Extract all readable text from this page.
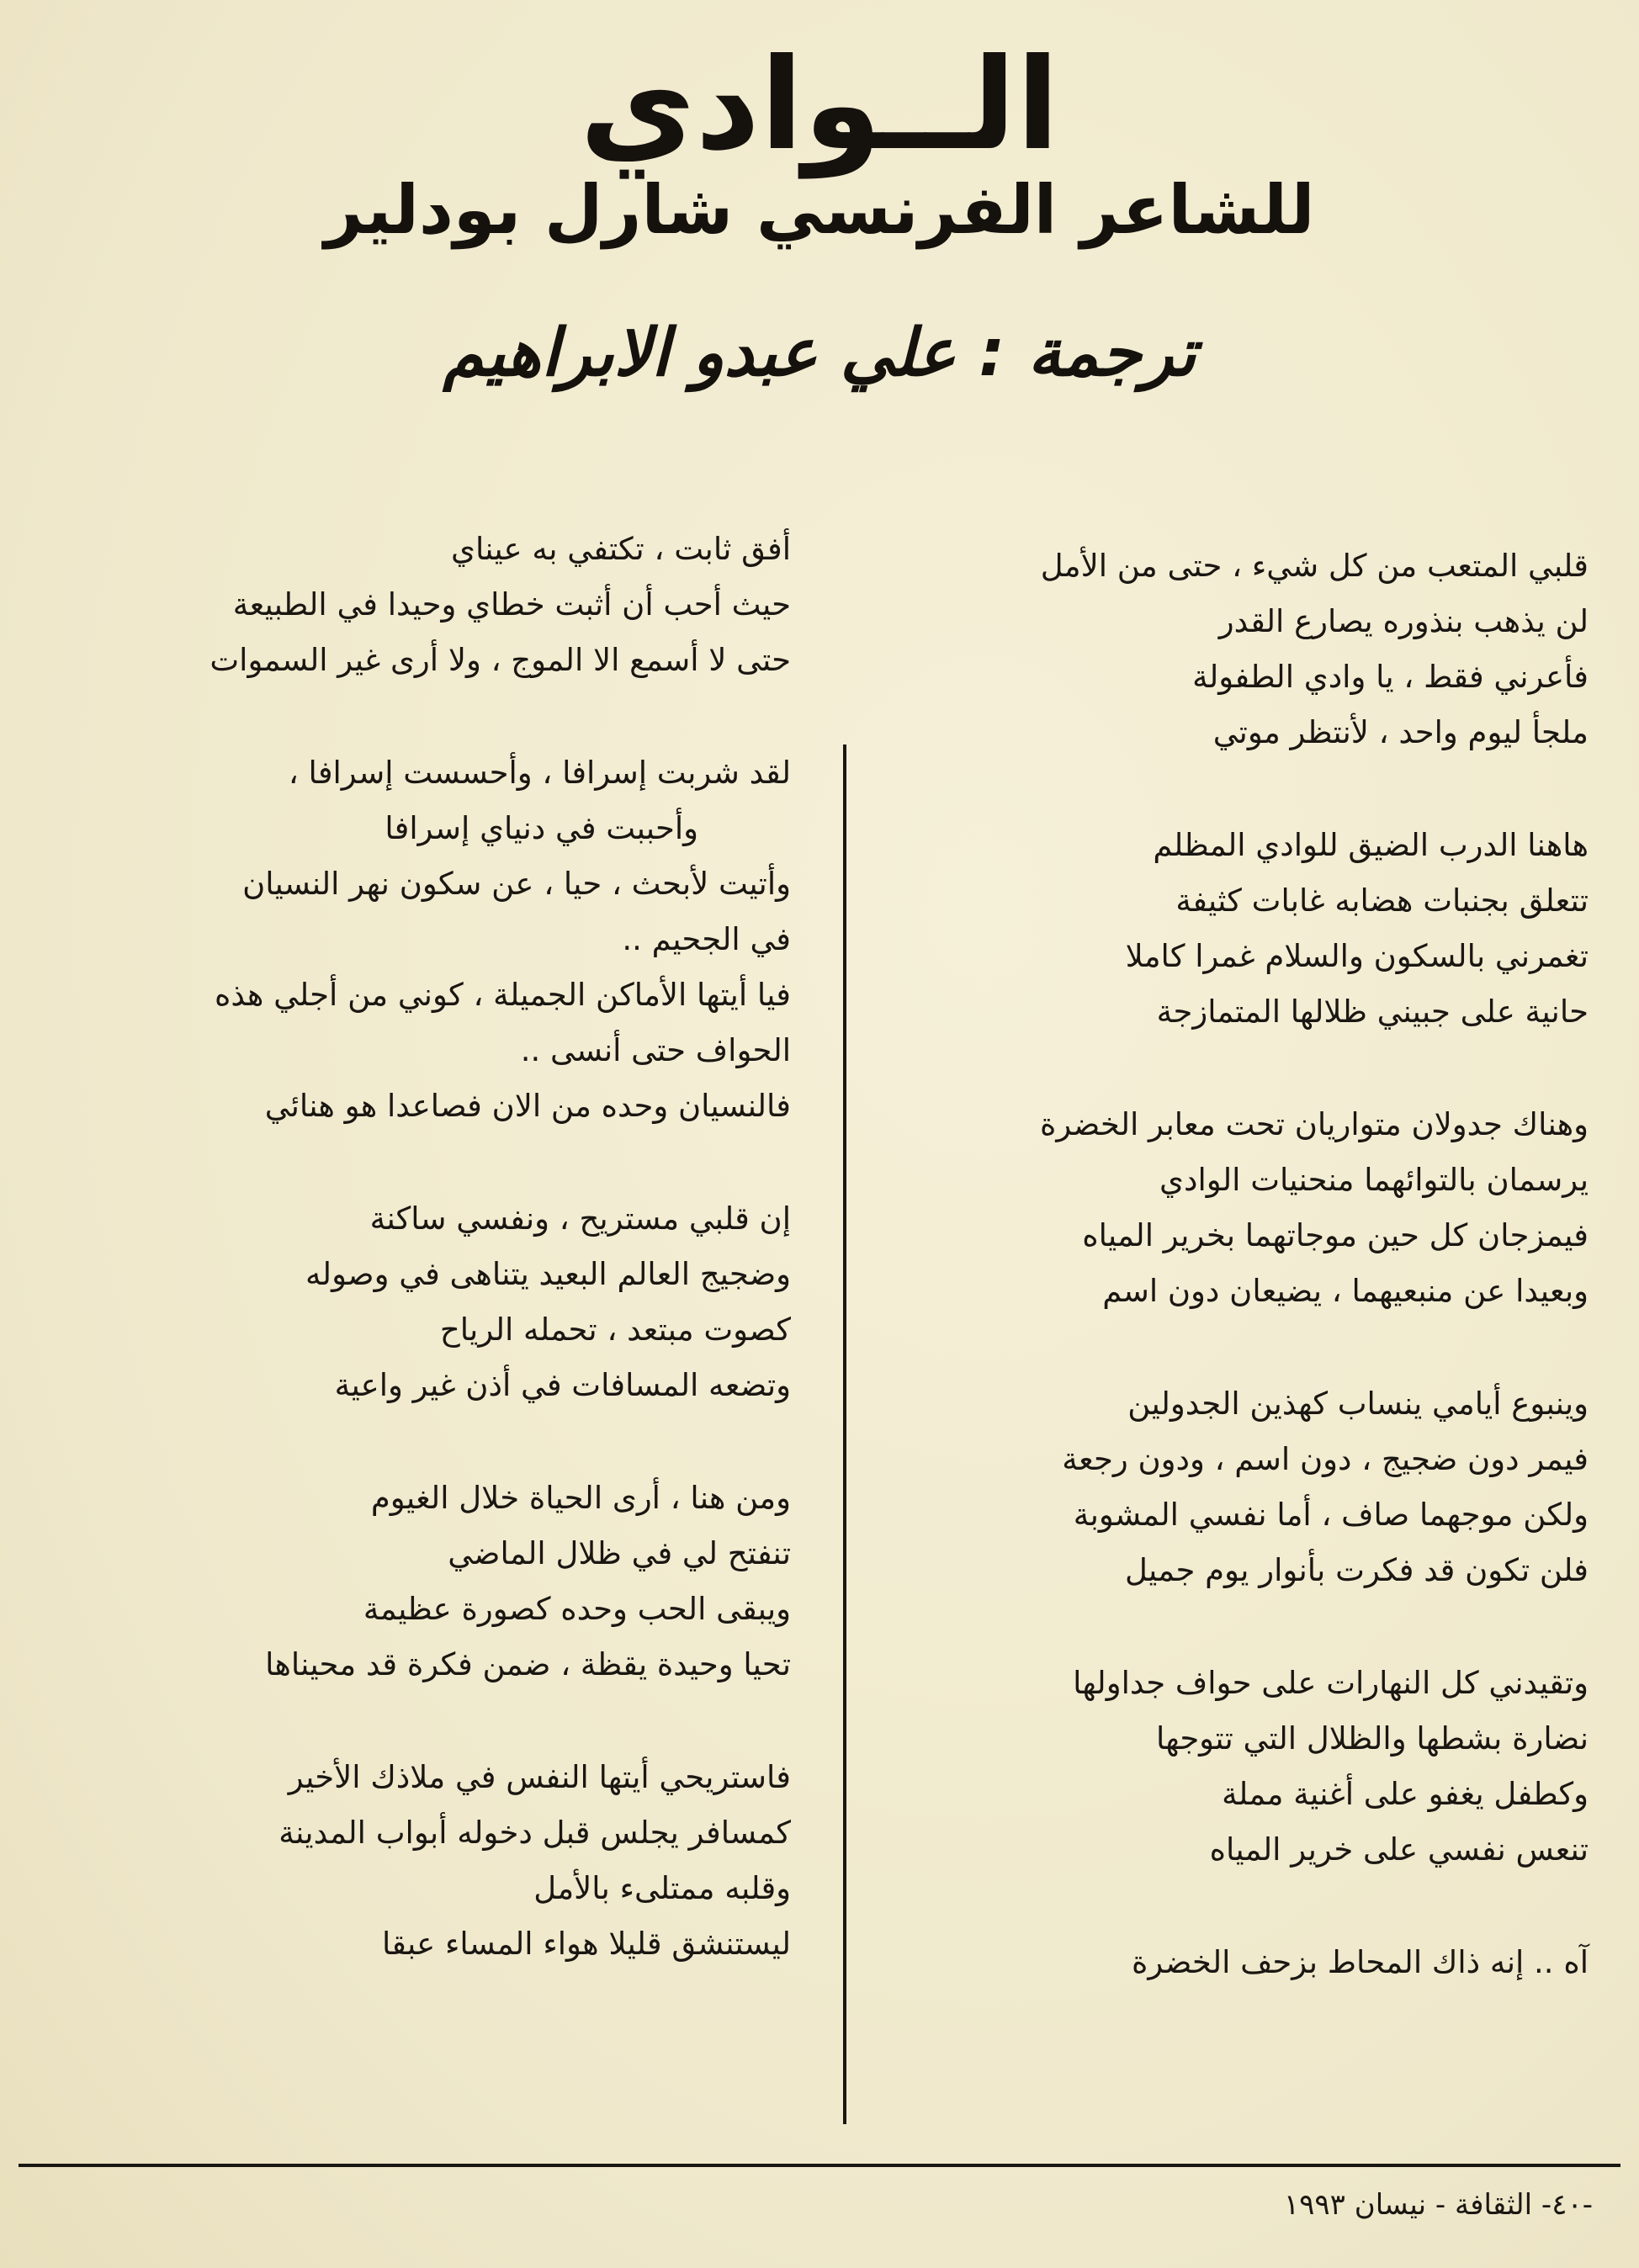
الــوادي
للشاعر الفرنسي شارل بودلير
ترجمة : علي عبدو الابراهيم
قلبي المتعب من كل شيء ، حتى من الأمل
لن يذهب بنذوره يصارع القدر
فأعرني فقط ، يا وادي الطفولة
ملجأ ليوم واحد ، لأنتظر موتي
هاهنا الدرب الضيق للوادي المظلم
تتعلق بجنبات هضابه غابات كثيفة
تغمرني بالسكون والسلام غمرا كاملا
حانية على جبيني ظلالها المتمازجة
وهناك جدولان متواريان تحت معابر الخضرة
يرسمان بالتوائهما منحنيات الوادي
فيمزجان كل حين موجاتهما بخرير المياه
وبعيدا عن منبعيهما ، يضيعان دون اسم
وينبوع أيامي ينساب كهذين الجدولين
فيمر دون ضجيج ، دون اسم ، ودون رجعة
ولكن موجهما صاف ، أما نفسي المشوبة
فلن تكون قد فكرت بأنوار يوم جميل
وتقيدني كل النهارات على حواف جداولها
نضارة بشطها والظلال التي تتوجها
وكطفل يغفو على أغنية مملة
تنعس نفسي على خرير المياه
آه .. إنه ذاك المحاط بزحف الخضرة
أفق ثابت ، تكتفي به عيناي
حيث أحب أن أثبت خطاي وحيدا في الطبيعة
حتى لا أسمع الا الموج ، ولا أرى غير السموات
لقد شربت إسرافا ، وأحسست إسرافا ،
وأحببت في دنياي إسرافا
وأتيت لأبحث ، حيا ، عن سكون نهر النسيان
في الجحيم ..
فيا أيتها الأماكن الجميلة ، كوني من أجلي هذه
الحواف حتى أنسى ..
فالنسيان وحده من الان فصاعدا هو هنائي
إن قلبي مستريح ، ونفسي ساكنة
وضجيج العالم البعيد يتناهى في وصوله
كصوت مبتعد ، تحمله الرياح
وتضعه المسافات في أذن غير واعية
ومن هنا ، أرى الحياة خلال الغيوم
تنفتح لي في ظلال الماضي
ويبقى الحب وحده كصورة عظيمة
تحيا وحيدة يقظة ، ضمن فكرة قد محيناها
فاستريحي أيتها النفس في ملاذك الأخير
كمسافر يجلس قبل دخوله أبواب المدينة
وقلبه ممتلىء بالأمل
ليستنشق قليلا هواء المساء عبقا
-٤٠- الثقافة - نيسان ١٩٩٣
